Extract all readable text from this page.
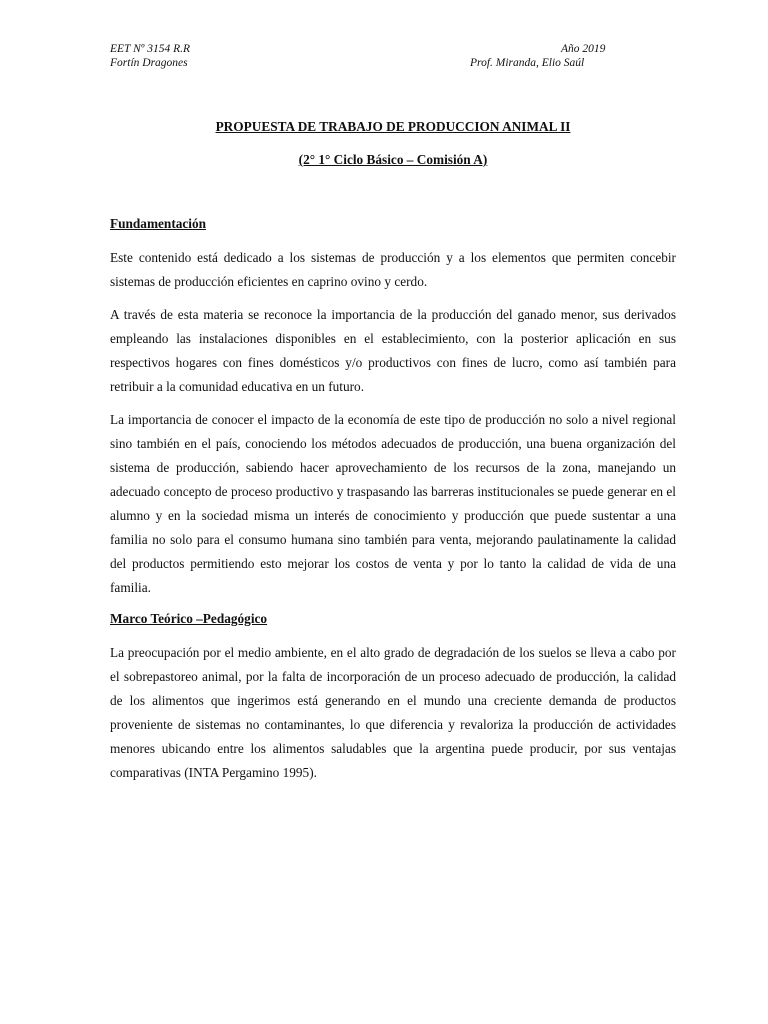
EET Nº 3154 R.R
Fortín Dragones
Año 2019
Prof. Miranda, Elio Saúl
PROPUESTA DE TRABAJO DE PRODUCCION ANIMAL II
(2° 1° Ciclo Básico – Comisión A)
Fundamentación

Este contenido está dedicado a los sistemas de producción y a los elementos que permiten concebir sistemas de producción eficientes en caprino ovino y cerdo.

A través de esta materia se reconoce la importancia de la producción del ganado menor, sus derivados empleando las instalaciones disponibles en el establecimiento, con la posterior aplicación en sus respectivos hogares con fines domésticos y/o productivos con fines de lucro, como así también para retribuir a la comunidad educativa en un futuro.

La importancia de conocer el impacto de la economía de este tipo de producción no solo a nivel regional sino también en el país, conociendo los métodos adecuados de producción, una buena organización del sistema de producción, sabiendo hacer aprovechamiento de los recursos de la zona, manejando un adecuado concepto de proceso productivo y traspasando las barreras institucionales se puede generar en el alumno y en la sociedad misma un interés de conocimiento y producción que puede sustentar a una familia no solo para el consumo humana sino también para venta, mejorando paulatinamente la calidad del productos permitiendo esto mejorar los costos de venta y por lo tanto la calidad de vida de una familia.

Marco Teórico –Pedagógico

La preocupación por el medio ambiente, en el alto grado de degradación de los suelos se lleva a cabo por el sobrepastoreo animal, por la falta de incorporación de un proceso adecuado de producción, la calidad de los alimentos que ingerimos está generando en el mundo una creciente demanda de productos proveniente de sistemas no contaminantes, lo que diferencia y revaloriza la producción de actividades menores ubicando entre los alimentos saludables que la argentina puede producir, por sus ventajas comparativas (INTA Pergamino 1995).
